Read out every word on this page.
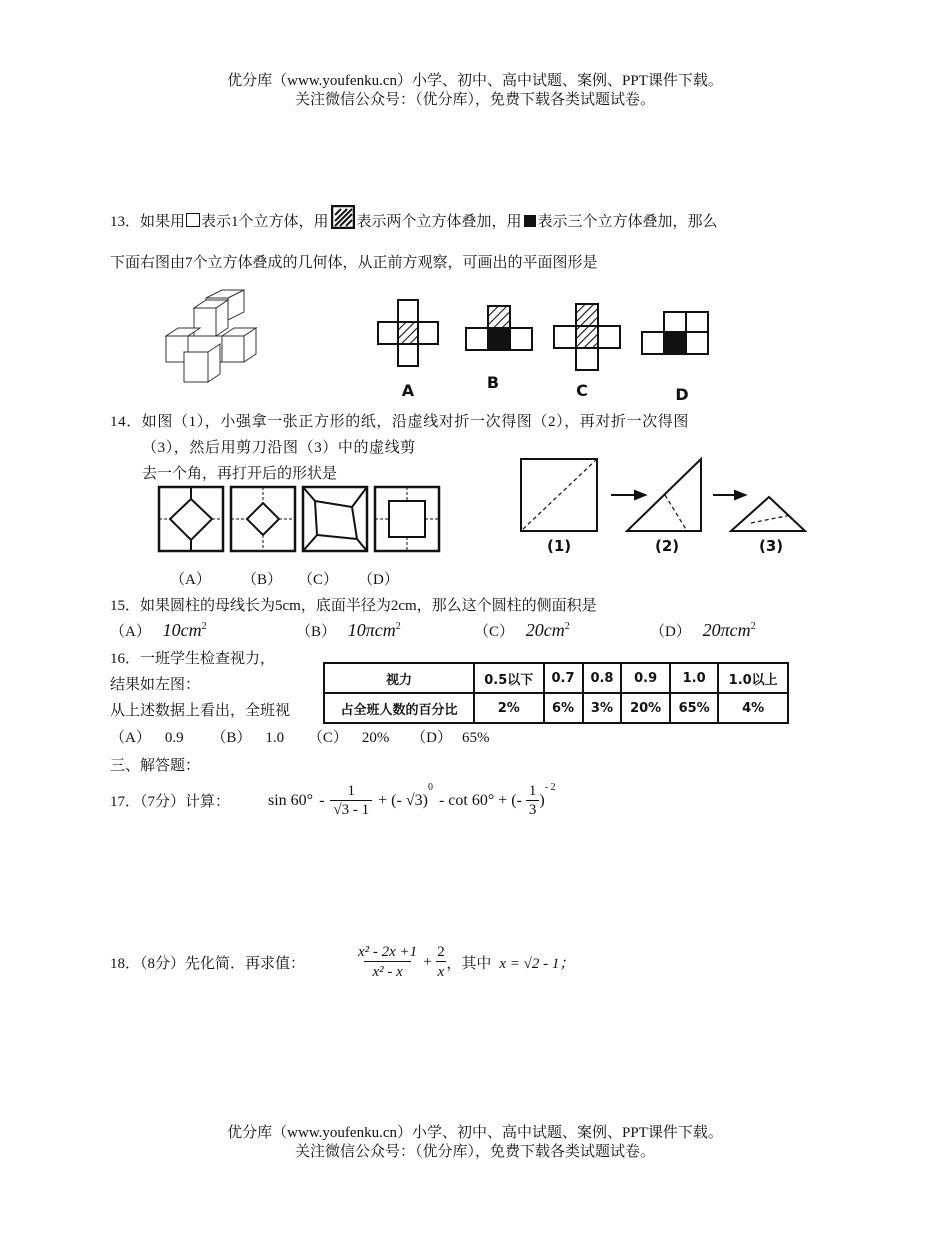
优分库（www.youfenku.cn）小学、初中、高中试题、案例、PPT课件下载。
关注微信公众号：（优分库），免费下载各类试题试卷。
13．如果用 表示1个立方体，用 表示两个立方体叠加，用 表示三个立方体叠加，那么
下面右图由7个立方体叠成的几何体，从正前方观察，可画出的平面图形是
A	B	C	D
14．如图（1），小强拿一张正方形的纸，沿虚线对折一次得图（2），再对折一次得图
（3），然后用剪刀沿图（3）中的虚线剪
去一个角，再打开后的形状是
（A） （B） （C） （D）
(1)	(2)	(3)
15．如果圆柱的母线长为5cm，底面半径为2cm，那么这个圆柱的侧面积是
（A） $10cm^2$	（B） 10πcm$^2$	（C） $20cm^2$	（D） 20πcm$^2$
16．一班学生检查视力，
结果如左图：
从上述数据上看出，全班视
视力	0.5以下	0.7	0.8	0.9	1.0	1.0以上
占全班人数的百分比	2%	6%	3%	20%	65%	4%
（A） 0.9 （B） 1.0 （C） 20% （D） 65%
三、解答题：
17．（7分）计算： sin 60° -
1
√3 - 1
+ (- √3)
0
- cot 60° + (-
1
3
)
- 2
18．（8分）先化简．再求值：
x² - 2x +1
x² - x
+ $\frac{2}{x}$ ，其中 x = √2 - 1；
优分库（www.youfenku.cn）小学、初中、高中试题、案例、PPT课件下载。
关注微信公众号：（优分库），免费下载各类试题试卷。
